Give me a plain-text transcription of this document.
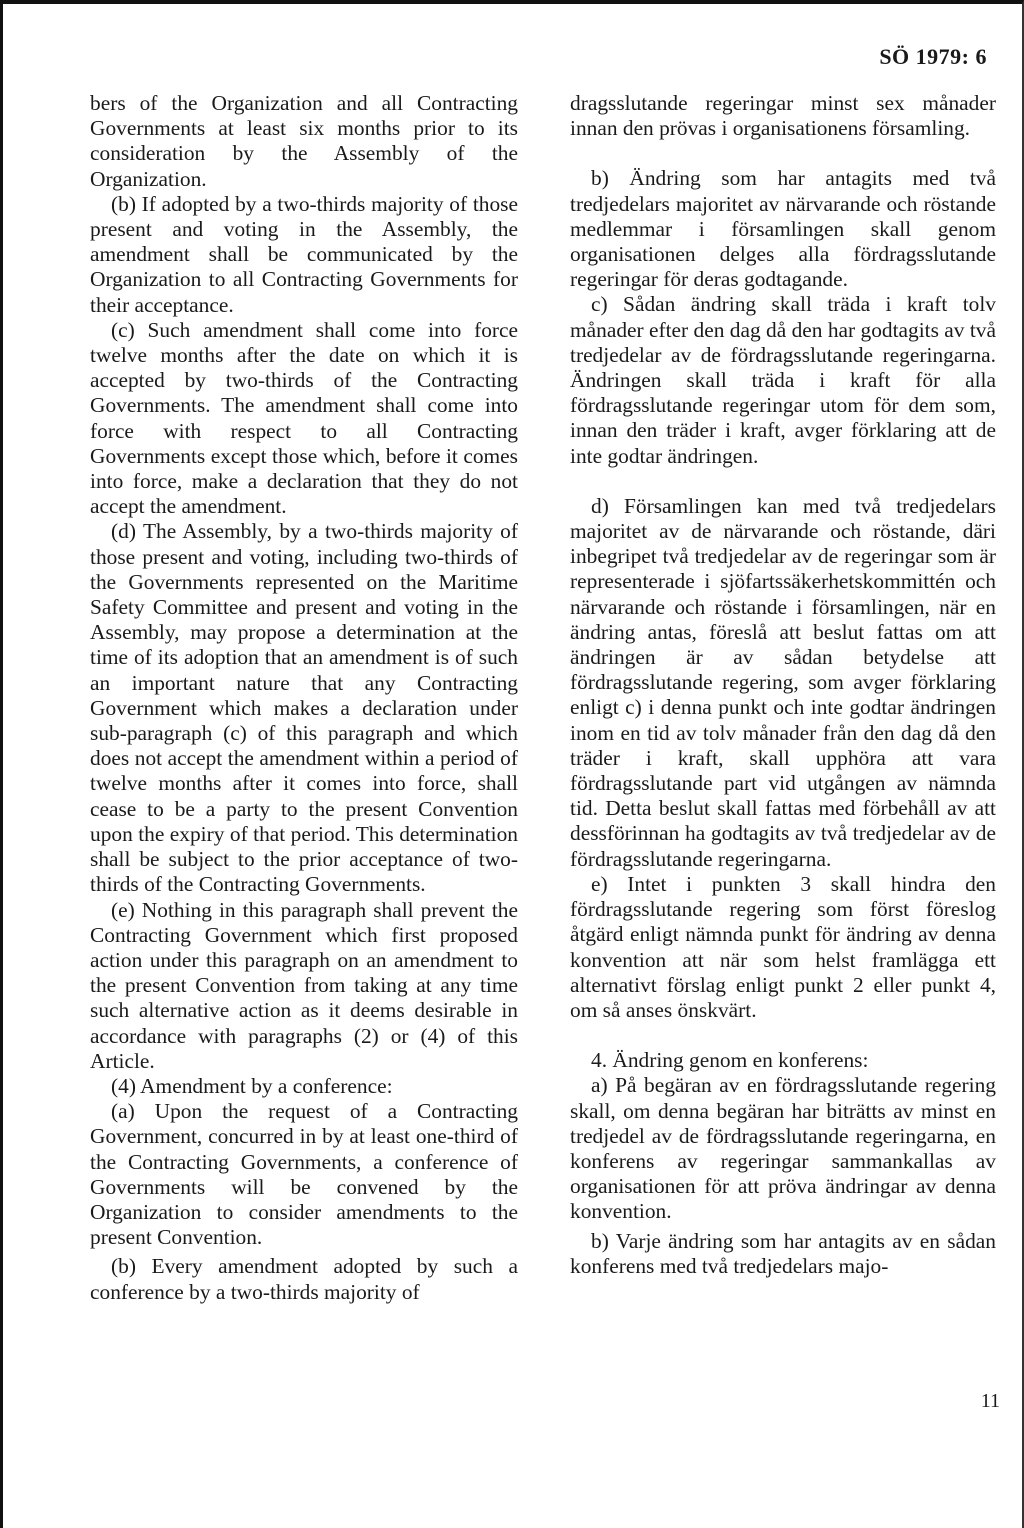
SÖ 1979: 6

bers of the Organization and all Contracting Governments at least six months prior to its consideration by the Assembly of the Organization.

(b) If adopted by a two-thirds majority of those present and voting in the Assembly, the amendment shall be communicated by the Organization to all Contracting Governments for their acceptance.

(c) Such amendment shall come into force twelve months after the date on which it is accepted by two-thirds of the Contracting Governments. The amendment shall come into force with respect to all Contracting Governments except those which, before it comes into force, make a declaration that they do not accept the amendment.

(d) The Assembly, by a two-thirds majority of those present and voting, including two-thirds of the Governments represented on the Maritime Safety Committee and present and voting in the Assembly, may propose a determination at the time of its adoption that an amendment is of such an important nature that any Contracting Government which makes a declaration under sub-paragraph (c) of this paragraph and which does not accept the amendment within a period of twelve months after it comes into force, shall cease to be a party to the present Convention upon the expiry of that period. This determination shall be subject to the prior acceptance of two-thirds of the Contracting Governments.

(e) Nothing in this paragraph shall prevent the Contracting Government which first proposed action under this paragraph on an amendment to the present Convention from taking at any time such alternative action as it deems desirable in accordance with paragraphs (2) or (4) of this Article.

(4) Amendment by a conference:

(a) Upon the request of a Contracting Government, concurred in by at least one-third of the Contracting Governments, a conference of Governments will be convened by the Organization to consider amendments to the present Convention.

(b) Every amendment adopted by such a conference by a two-thirds majority of

dragsslutande regeringar minst sex månader innan den prövas i organisationens församling.

b) Ändring som har antagits med två tredjedelars majoritet av närvarande och röstande medlemmar i församlingen skall genom organisationen delges alla fördragsslutande regeringar för deras godtagande.

c) Sådan ändring skall träda i kraft tolv månader efter den dag då den har godtagits av två tredjedelar av de fördragsslutande regeringarna. Ändringen skall träda i kraft för alla fördragsslutande regeringar utom för dem som, innan den träder i kraft, avger förklaring att de inte godtar ändringen.

d) Församlingen kan med två tredjedelars majoritet av de närvarande och röstande, däri inbegripet två tredjedelar av de regeringar som är representerade i sjöfartssäkerhetskommittén och närvarande och röstande i församlingen, när en ändring antas, föreslå att beslut fattas om att ändringen är av sådan betydelse att fördragsslutande regering, som avger förklaring enligt c) i denna punkt och inte godtar ändringen inom en tid av tolv månader från den dag då den träder i kraft, skall upphöra att vara fördragsslutande part vid utgången av nämnda tid. Detta beslut skall fattas med förbehåll av att dessförinnan ha godtagits av två tredjedelar av de fördragsslutande regeringarna.

e) Intet i punkten 3 skall hindra den fördragsslutande regering som först föreslog åtgärd enligt nämnda punkt för ändring av denna konvention att när som helst framlägga ett alternativt förslag enligt punkt 2 eller punkt 4, om så anses önskvärt.

4. Ändring genom en konferens:

a) På begäran av en fördragsslutande regering skall, om denna begäran har biträtts av minst en tredjedel av de fördragsslutande regeringarna, en konferens av regeringar sammankallas av organisationen för att pröva ändringar av denna konvention.

b) Varje ändring som har antagits av en sådan konferens med två tredjedelars majo-

11
